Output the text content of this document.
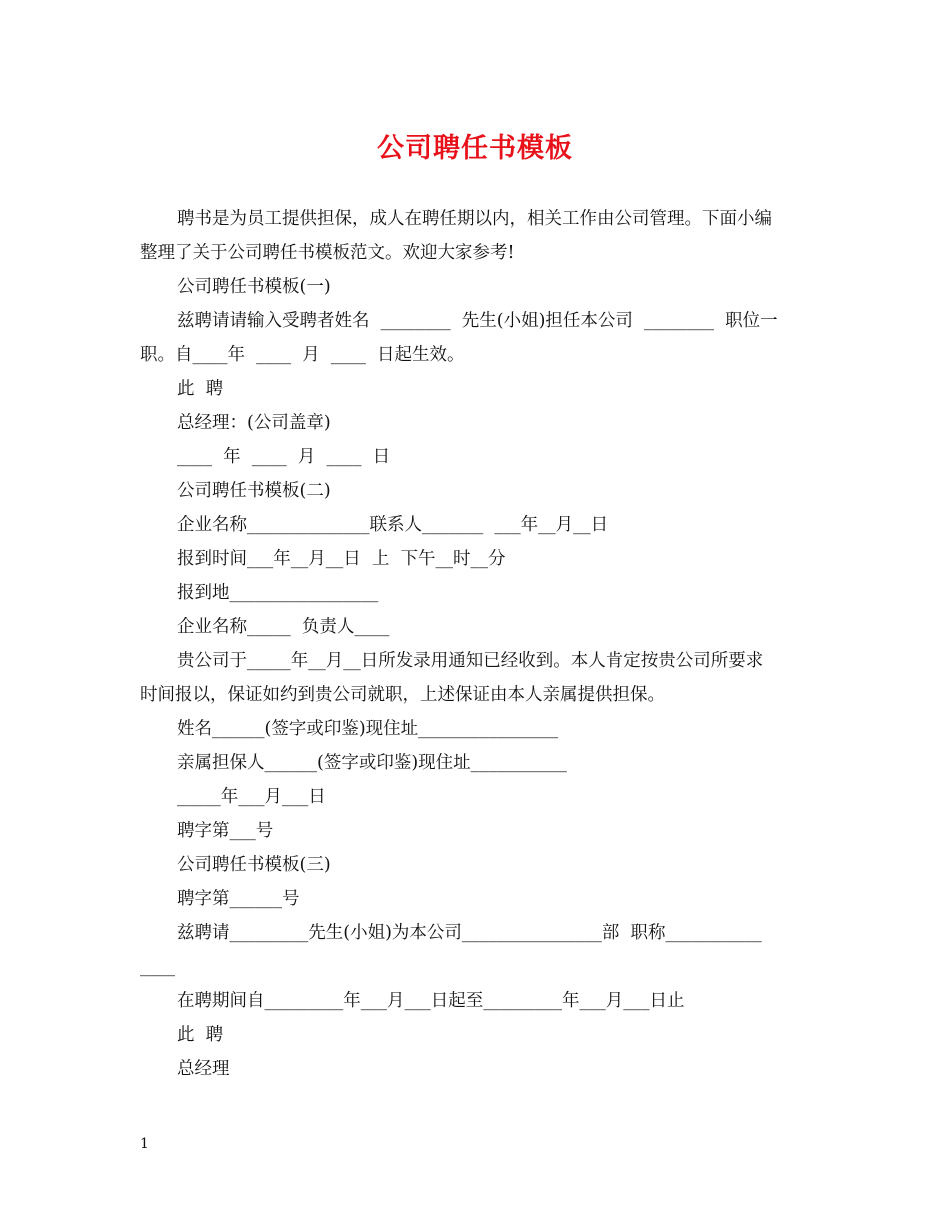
公司聘任书模板

聘书是为员工提供担保，成人在聘任期以内，相关工作由公司管理。下面小编

整理了关于公司聘任书模板范文。欢迎大家参考!

公司聘任书模板(一)

兹聘请请输入受聘者姓名  ________  先生(小姐)担任本公司  ________  职位一

职。自____年  ____  月  ____  日起生效。

此  聘

总经理：(公司盖章)

____  年  ____  月  ____  日

公司聘任书模板(二)

企业名称______________联系人_______  ___年__月__日

报到时间___年__月__日  上  下午__时__分

报到地_________________

企业名称_____  负责人____

贵公司于_____年__月__日所发录用通知已经收到。本人肯定按贵公司所要求

时间报以，保证如约到贵公司就职，上述保证由本人亲属提供担保。

姓名______(签字或印鉴)现住址________________

亲属担保人______(签字或印鉴)现住址___________

_____年___月___日

聘字第___号

公司聘任书模板(三)

聘字第______号

兹聘请_________先生(小姐)为本公司________________部  职称___________

____

在聘期间自_________年___月___日起至_________年___月___日止

此  聘

总经理

1
